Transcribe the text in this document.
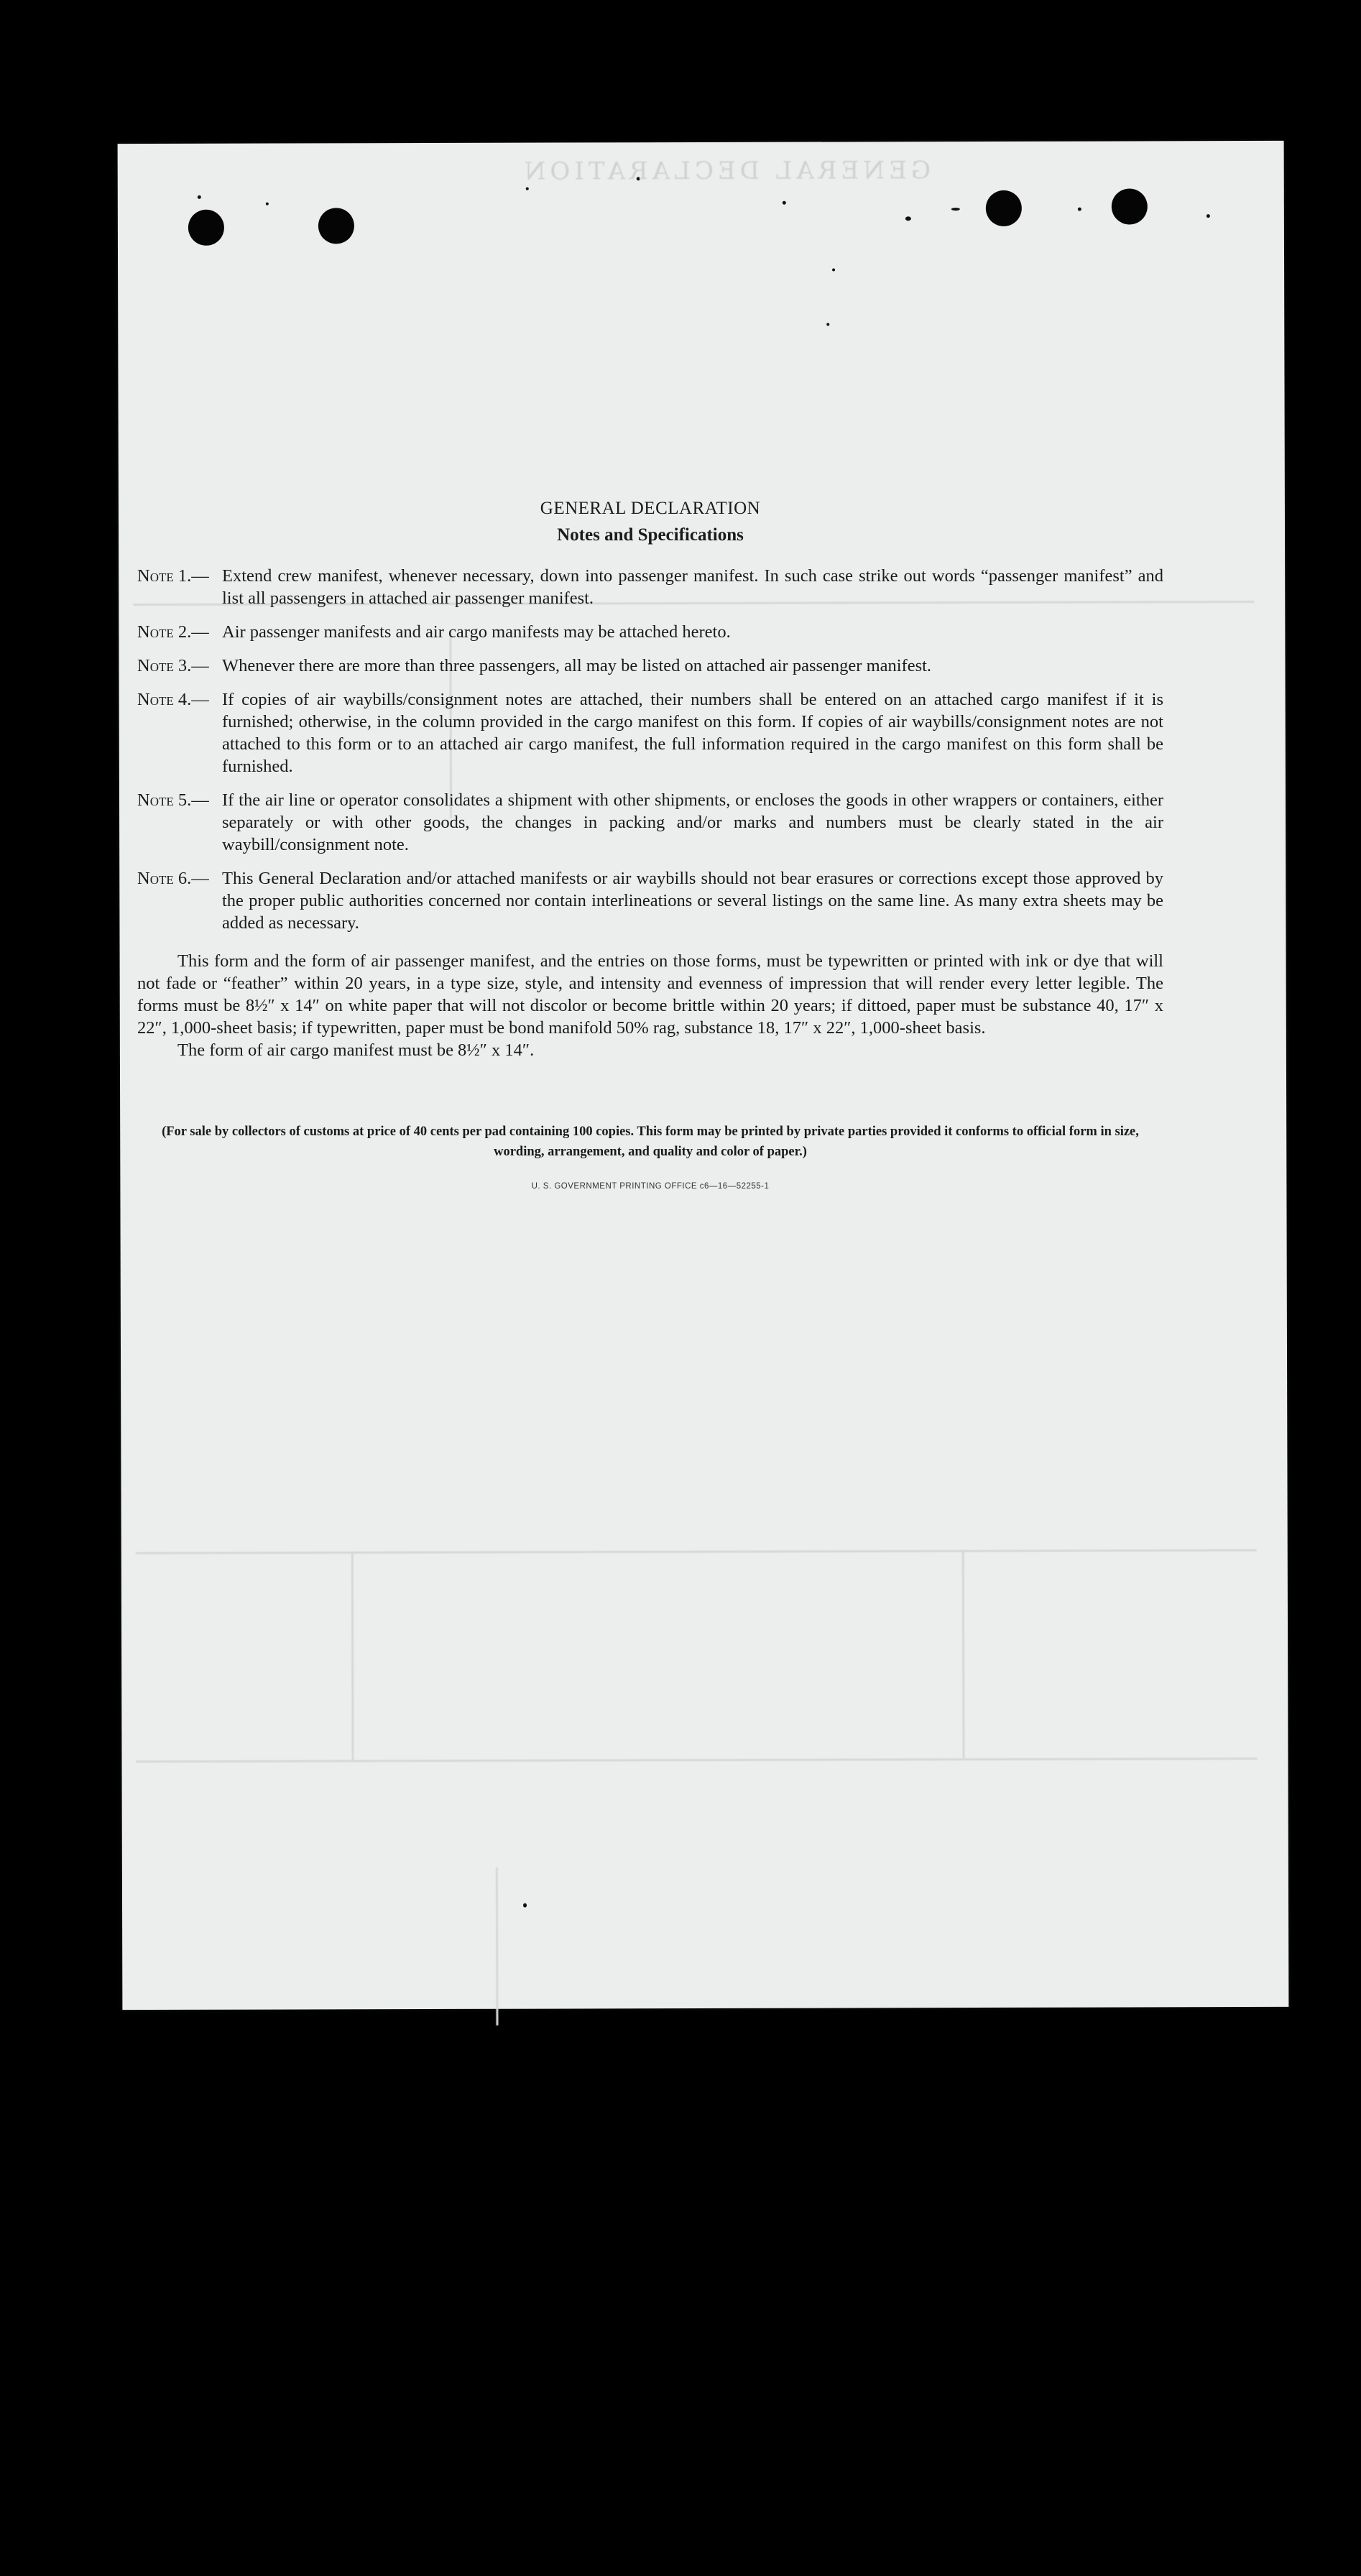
GENERAL DECLARATION
GENERAL DECLARATION
Notes and Specifications
Note 1.— Extend crew manifest, whenever necessary, down into passenger manifest. In such case strike out words “passenger manifest” and list all passengers in attached air passenger manifest.
Note 2.— Air passenger manifests and air cargo manifests may be attached hereto.
Note 3.— Whenever there are more than three passengers, all may be listed on attached air passenger manifest.
Note 4.— If copies of air waybills/consignment notes are attached, their numbers shall be entered on an attached cargo manifest if it is furnished; otherwise, in the column provided in the cargo manifest on this form. If copies of air waybills/consignment notes are not attached to this form or to an attached air cargo manifest, the full information required in the cargo manifest on this form shall be furnished.
Note 5.— If the air line or operator consolidates a shipment with other shipments, or encloses the goods in other wrappers or containers, either separately or with other goods, the changes in packing and/or marks and numbers must be clearly stated in the air waybill/consignment note.
Note 6.— This General Declaration and/or attached manifests or air waybills should not bear erasures or corrections except those approved by the proper public authorities concerned nor contain interlineations or several listings on the same line. As many extra sheets may be added as necessary.

This form and the form of air passenger manifest, and the entries on those forms, must be typewritten or printed with ink or dye that will not fade or “feather” within 20 years, in a type size, style, and intensity and evenness of impression that will render every letter legible. The forms must be 8½″ x 14″ on white paper that will not discolor or become brittle within 20 years; if dittoed, paper must be substance 40, 17″ x 22″, 1,000-sheet basis; if typewritten, paper must be bond manifold 50% rag, substance 18, 17″ x 22″, 1,000-sheet basis.

The form of air cargo manifest must be 8½″ x 14″.

(For sale by collectors of customs at price of 40 cents per pad containing 100 copies. This form may be printed by private parties provided it conforms to official form in size, wording, arrangement, and quality and color of paper.)
U. S. GOVERNMENT PRINTING OFFICE c6—16—52255-1
